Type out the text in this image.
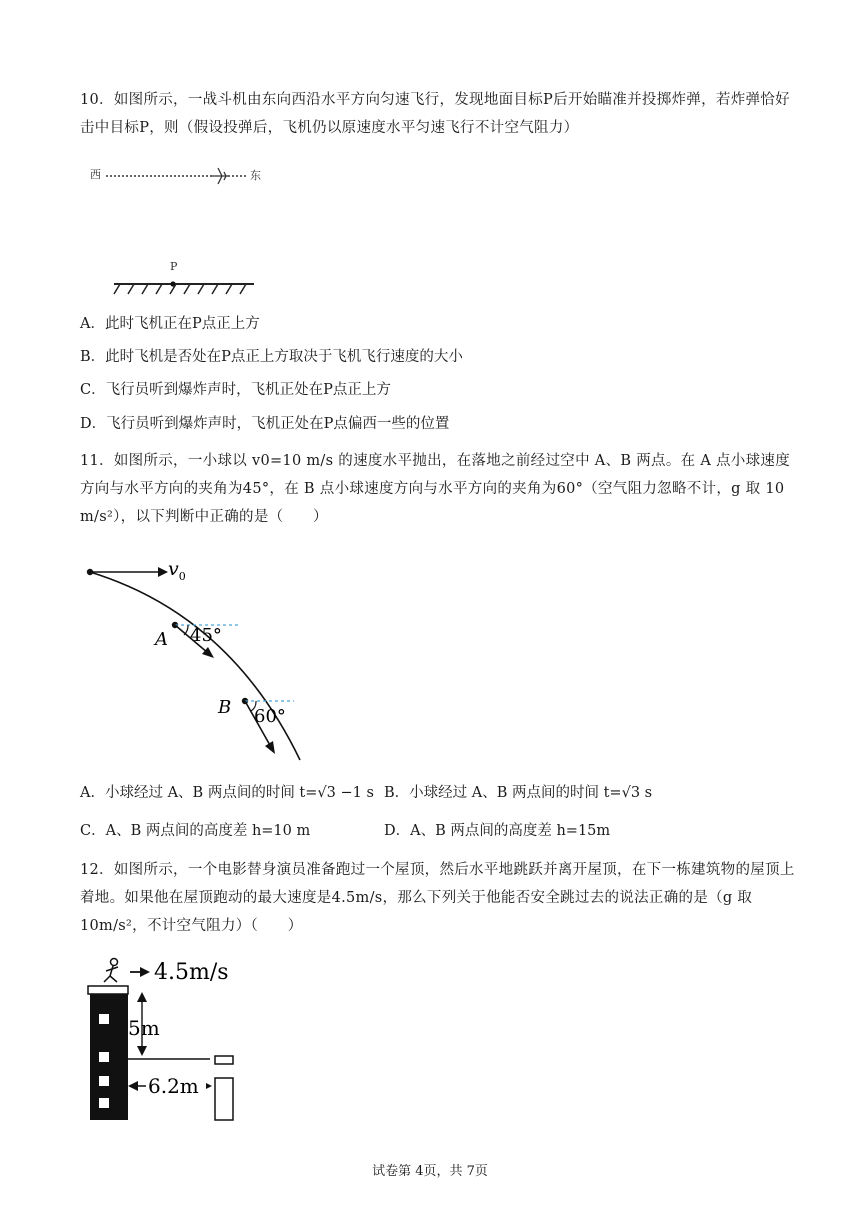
10．如图所示，一战斗机由东向西沿水平方向匀速飞行，发现地面目标P后开始瞄准并投掷炸弹，若炸弹恰好击中目标P，则（假设投弹后，飞机仍以原速度水平匀速飞行不计空气阻力）
西	东
P
A．此时飞机正在P点正上方
B．此时飞机是否处在P点正上方取决于飞机飞行速度的大小
C．飞行员听到爆炸声时，飞机正处在P点正上方
D．飞行员听到爆炸声时，飞机正处在P点偏西一些的位置
11．如图所示，一小球以 v0=10 m/s 的速度水平抛出，在落地之前经过空中 A、B 两点。在 A 点小球速度方向与水平方向的夹角为45°，在 B 点小球速度方向与水平方向的夹角为60°（空气阻力忽略不计，g 取 10 m/s²），以下判断中正确的是（　　）
$v_0$
A 45°
B 60°
A．小球经过 A、B 两点间的时间 t=√3 −1 s B．小球经过 A、B 两点间的时间 t=√3 s
C．A、B 两点间的高度差 h=10 m	D．A、B 两点间的高度差 h=15m
12．如图所示，一个电影替身演员准备跑过一个屋顶，然后水平地跳跃并离开屋顶，在下一栋建筑物的屋顶上着地。如果他在屋顶跑动的最大速度是4.5m/s，那么下列关于他能否安全跳过去的说法正确的是（g 取10m/s²，不计空气阻力）（　　）
4.5m/s
5m
6.2m
试卷第 4页，共 7页
